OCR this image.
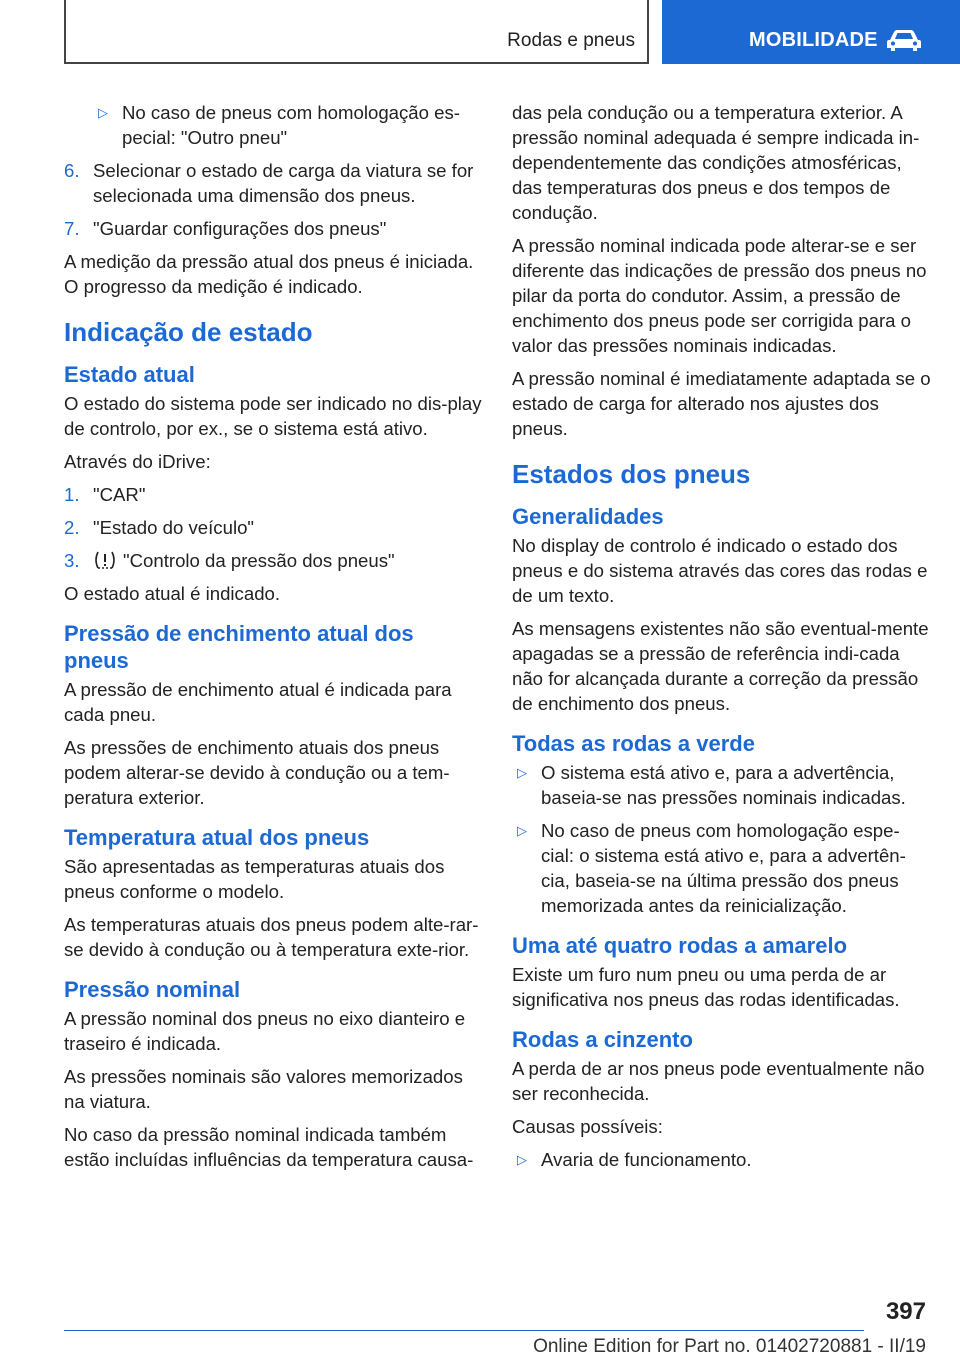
Rodas e pneus	MOBILIDADE
▷ No caso de pneus com homologação es-pecial: "Outro pneu"
6. Selecionar o estado de carga da viatura se for selecionada uma dimensão dos pneus.
7. "Guardar configurações dos pneus"

A medição da pressão atual dos pneus é iniciada. O progresso da medição é indicado.

Indicação de estado
Estado atual

O estado do sistema pode ser indicado no dis-play de controlo, por ex., se o sistema está ativo.

Através do iDrive:

1. "CAR"
2. "Estado do veículo"
3. "Controlo da pressão dos pneus"

O estado atual é indicado.

Pressão de enchimento atual dos pneus

A pressão de enchimento atual é indicada para cada pneu.

As pressões de enchimento atuais dos pneus podem alterar-se devido à condução ou a tem-peratura exterior.

Temperatura atual dos pneus

São apresentadas as temperaturas atuais dos pneus conforme o modelo.

As temperaturas atuais dos pneus podem alte-rar-se devido à condução ou à temperatura exte-rior.

Pressão nominal

A pressão nominal dos pneus no eixo dianteiro e traseiro é indicada.

As pressões nominais são valores memorizados na viatura.

No caso da pressão nominal indicada também estão incluídas influências da temperatura causa-

das pela condução ou a temperatura exterior. A pressão nominal adequada é sempre indicada in-dependentemente das condições atmosféricas, das temperaturas dos pneus e dos tempos de condução.

A pressão nominal indicada pode alterar-se e ser diferente das indicações de pressão dos pneus no pilar da porta do condutor. Assim, a pressão de enchimento dos pneus pode ser corrigida para o valor das pressões nominais indicadas.

A pressão nominal é imediatamente adaptada se o estado de carga for alterado nos ajustes dos pneus.

Estados dos pneus
Generalidades

No display de controlo é indicado o estado dos pneus e do sistema através das cores das rodas e de um texto.

As mensagens existentes não são eventual-mente apagadas se a pressão de referência indi-cada não for alcançada durante a correção da pressão de enchimento dos pneus.

Todas as rodas a verde
▷ O sistema está ativo e, para a advertência, baseia-se nas pressões nominais indicadas.
▷ No caso de pneus com homologação espe-cial: o sistema está ativo e, para a advertên-cia, baseia-se na última pressão dos pneus memorizada antes da reinicialização.
Uma até quatro rodas a amarelo

Existe um furo num pneu ou uma perda de ar significativa nos pneus das rodas identificadas.

Rodas a cinzento

A perda de ar nos pneus pode eventualmente não ser reconhecida.

Causas possíveis:

▷ Avaria de funcionamento.
397
Online Edition for Part no. 01402720881 - II/19
